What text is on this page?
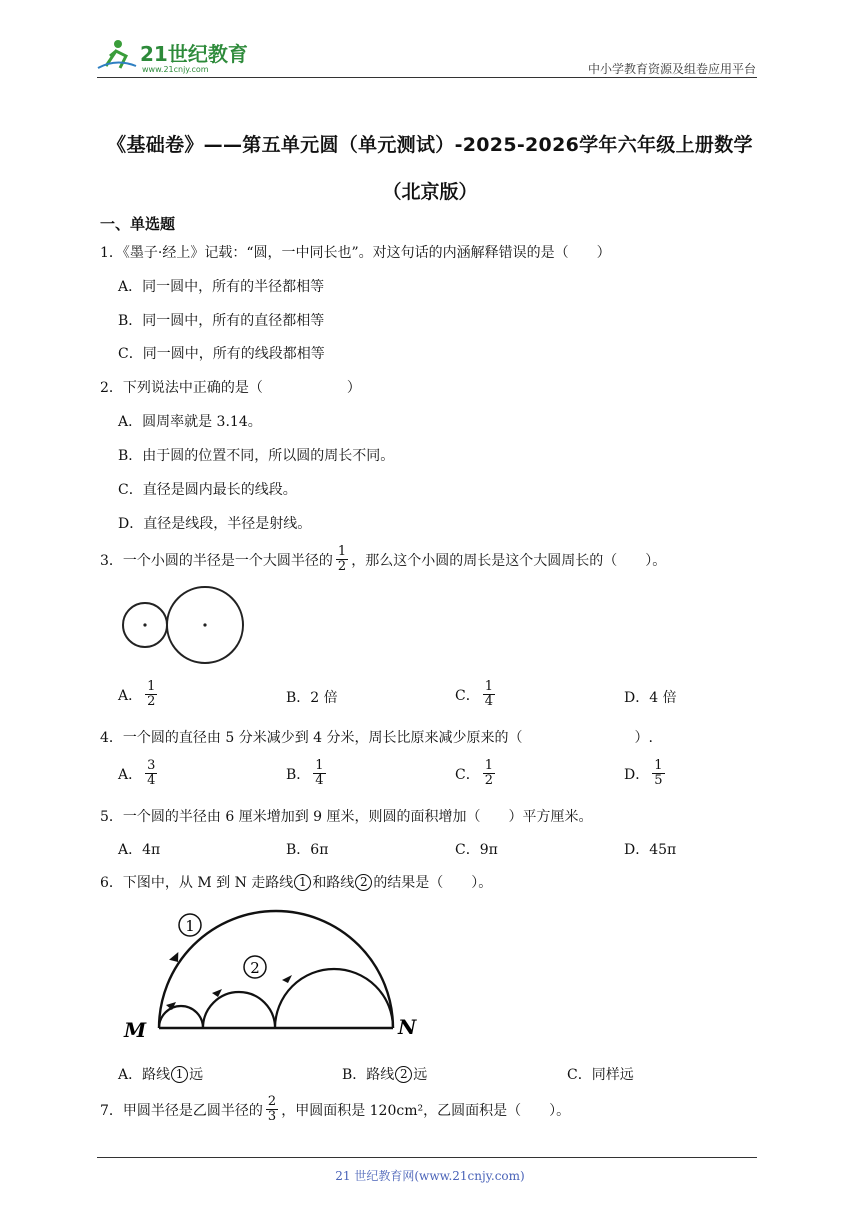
21世纪教育
www.21cnjy.com	中小学教育资源及组卷应用平台
《基础卷》——第五单元圆（单元测试）-2025-2026学年六年级上册数学
（北京版）
一、单选题
1．《墨子·经上》记载：“圆，一中同长也”。对这句话的内涵解释错误的是（　　）
A．同一圆中，所有的半径都相等
B．同一圆中，所有的直径都相等
C．同一圆中，所有的线段都相等
2．下列说法中正确的是（　　　　　　）
A．圆周率就是 3.14。
B．由于圆的位置不同，所以圆的周长不同。
C．直径是圆内最长的线段。
D．直径是线段，半径是射线。
3． 一个小圆的半径是一个大圆半径的 $\frac{1}{2}$ ，那么这个小圆的周长是这个大圆周长的（　　）。
A． $\frac{1}{2}$	B．2 倍	C． $\frac{1}{4}$	D．4 倍
4．一个圆的直径由 5 分米减少到 4 分米，周长比原来减少原来的（　　　　　　　　）.
A． $\frac{3}{4}$	B． $\frac{1}{4}$	C． $\frac{1}{2}$	D． $\frac{1}{5}$
5．一个圆的半径由 6 厘米增加到 9 厘米，则圆的面积增加（　　）平方厘米。
A．4π	B．6π	C．9π	D．45π
6． 下图中，从 M 到 N 走路线 1 和路线 2 的结果是（　　）。
1
2
M	N
A．路线 1 远	B．路线 2 远	C．同样远
7． 甲圆半径是乙圆半径的 $\frac{2}{3}$ ，甲圆面积是 120cm²，乙圆面积是（　　）。
21 世纪教育网(www.21cnjy.com)
